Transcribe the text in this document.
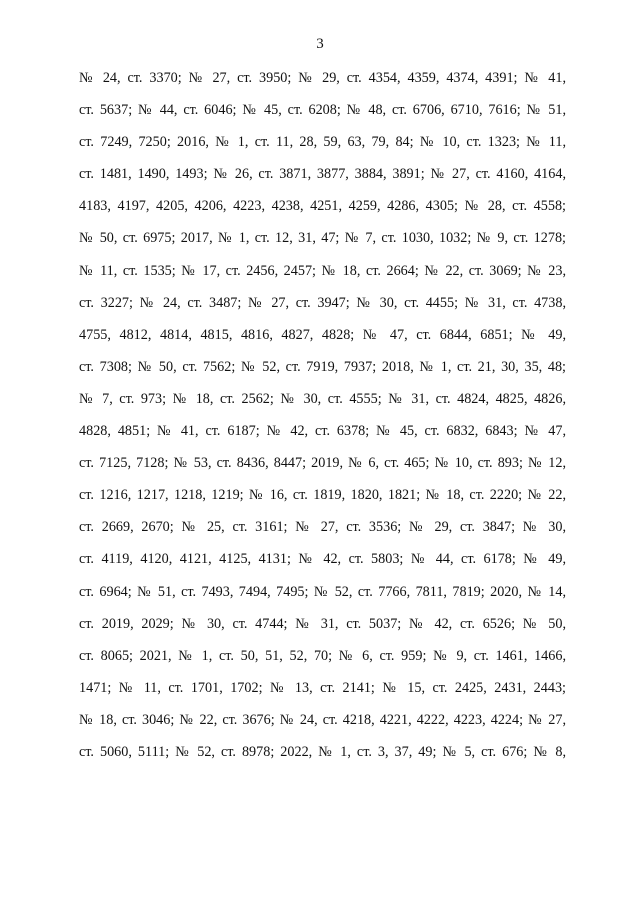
3
№ 24, ст. 3370; № 27, ст. 3950; № 29, ст. 4354, 4359, 4374, 4391; № 41,
ст. 5637; № 44, ст. 6046; № 45, ст. 6208; № 48, ст. 6706, 6710, 7616; № 51,
ст. 7249, 7250; 2016, № 1, ст. 11, 28, 59, 63, 79, 84; № 10, ст. 1323; № 11,
ст. 1481, 1490, 1493; № 26, ст. 3871, 3877, 3884, 3891; № 27, ст. 4160, 4164,
4183, 4197, 4205, 4206, 4223, 4238, 4251, 4259, 4286, 4305; № 28, ст. 4558;
№ 50, ст. 6975; 2017, № 1, ст. 12, 31, 47; № 7, ст. 1030, 1032; № 9, ст. 1278;
№ 11, ст. 1535; № 17, ст. 2456, 2457; № 18, ст. 2664; № 22, ст. 3069; № 23,
ст. 3227; № 24, ст. 3487; № 27, ст. 3947; № 30, ст. 4455; № 31, ст. 4738,
4755, 4812, 4814, 4815, 4816, 4827, 4828; № 47, ст. 6844, 6851; № 49,
ст. 7308; № 50, ст. 7562; № 52, ст. 7919, 7937; 2018, № 1, ст. 21, 30, 35, 48;
№ 7, ст. 973; № 18, ст. 2562; № 30, ст. 4555; № 31, ст. 4824, 4825, 4826,
4828, 4851; № 41, ст. 6187; № 42, ст. 6378; № 45, ст. 6832, 6843; № 47,
ст. 7125, 7128; № 53, ст. 8436, 8447; 2019, № 6, ст. 465; № 10, ст. 893; № 12,
ст. 1216, 1217, 1218, 1219; № 16, ст. 1819, 1820, 1821; № 18, ст. 2220; № 22,
ст. 2669, 2670; № 25, ст. 3161; № 27, ст. 3536; № 29, ст. 3847; № 30,
ст. 4119, 4120, 4121, 4125, 4131; № 42, ст. 5803; № 44, ст. 6178; № 49,
ст. 6964; № 51, ст. 7493, 7494, 7495; № 52, ст. 7766, 7811, 7819; 2020, № 14,
ст. 2019, 2029; № 30, ст. 4744; № 31, ст. 5037; № 42, ст. 6526; № 50,
ст. 8065; 2021, № 1, ст. 50, 51, 52, 70; № 6, ст. 959; № 9, ст. 1461, 1466,
1471; № 11, ст. 1701, 1702; № 13, ст. 2141; № 15, ст. 2425, 2431, 2443;
№ 18, ст. 3046; № 22, ст. 3676; № 24, ст. 4218, 4221, 4222, 4223, 4224; № 27,
ст. 5060, 5111; № 52, ст. 8978; 2022, № 1, ст. 3, 37, 49; № 5, ст. 676; № 8,
